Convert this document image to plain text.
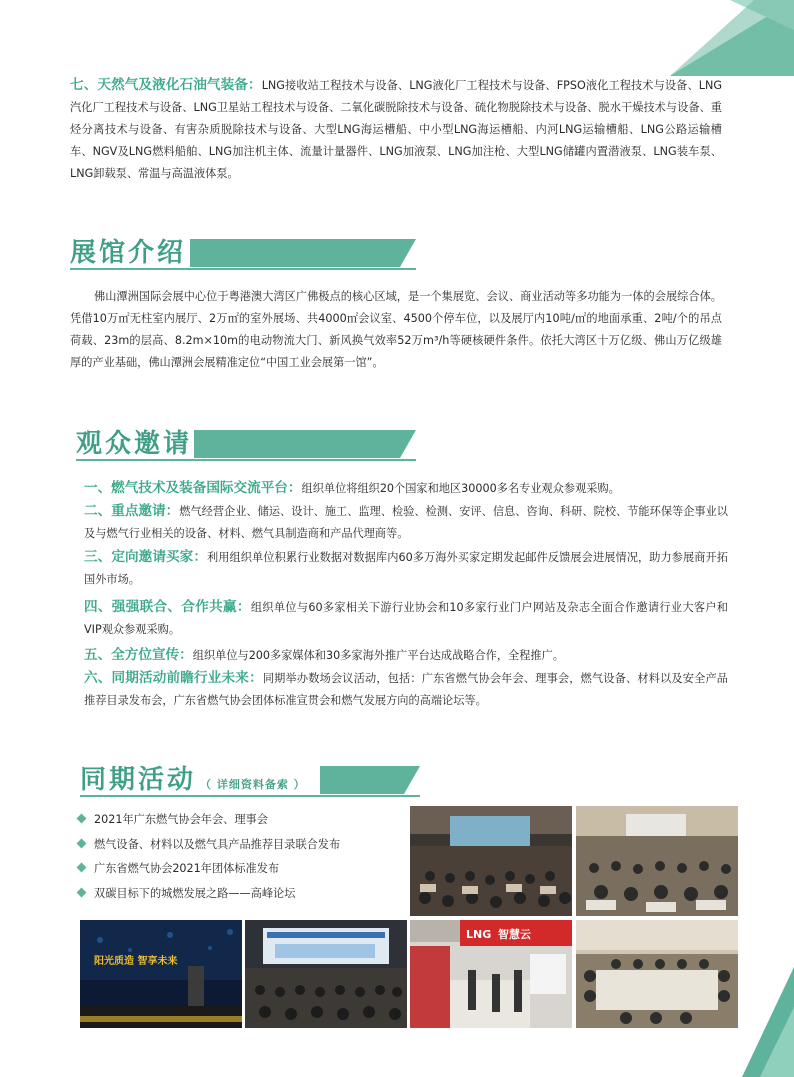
七、天然气及液化石油气装备：LNG接收站工程技术与设备、LNG液化厂工程技术与设备、FPSO液化工程技术与设备、LNG汽化厂工程技术与设备、LNG卫星站工程技术与设备、二氧化碳脱除技术与设备、硫化物脱除技术与设备、脱水干燥技术与设备、重烃分离技术与设备、有害杂质脱除技术与设备、大型LNG海运槽船、中小型LNG海运槽船、内河LNG运输槽船、LNG公路运输槽车、NGV及LNG燃料船舶、LNG加注机主体、流量计量器件、LNG加液泵、LNG加注枪、大型LNG储罐内置潜液泵、LNG装车泵、LNG卸载泵、常温与高温液体泵。

展馆介绍

佛山潭洲国际会展中心位于粤港澳大湾区广佛极点的核心区域，是一个集展览、会议、商业活动等多功能为一体的会展综合体。凭借10万㎡无柱室内展厅、2万㎡的室外展场、共4000㎡会议室、4500个停车位，以及展厅内10吨/㎡的地面承重、2吨/个的吊点荷载、23m的层高、8.2m×10m的电动物流大门、新风换气效率52万m³/h等硬核硬件条件。依托大湾区十万亿级、佛山万亿级雄厚的产业基础，佛山潭洲会展精准定位“中国工业会展第一馆”。

观众邀请

一、燃气技术及装备国际交流平台：组织单位将组织20个国家和地区30000多名专业观众参观采购。

二、重点邀请：燃气经营企业、储运、设计、施工、监理、检验、检测、安评、信息、咨询、科研、院校、节能环保等企事业以及与燃气行业相关的设备、材料、燃气具制造商和产品代理商等。

三、定向邀请买家：利用组织单位积累行业数据对数据库内60多万海外买家定期发起邮件反馈展会进展情况，助力参展商开拓国外市场。

四、强强联合、合作共赢：组织单位与60多家相关下游行业协会和10多家行业门户网站及杂志全面合作邀请行业大客户和VIP观众参观采购。

五、全方位宣传：组织单位与200多家媒体和30多家海外推广平台达成战略合作，全程推广。

六、同期活动前瞻行业未来：同期举办数场会议活动，包括：广东省燃气协会年会、理事会，燃气设备、材料以及安全产品推荐目录发布会，广东省燃气协会团体标准宣贯会和燃气发展方向的高端论坛等。

同期活动 （ 详细资料备索 ）
2021年广东燃气协会年会、理事会
燃气设备、材料以及燃气具产品推荐目录联合发布
广东省燃气协会2021年团体标准发布
双碳目标下的城燃发展之路——高峰论坛
阳光质造 智享未来
LNG 智慧云
